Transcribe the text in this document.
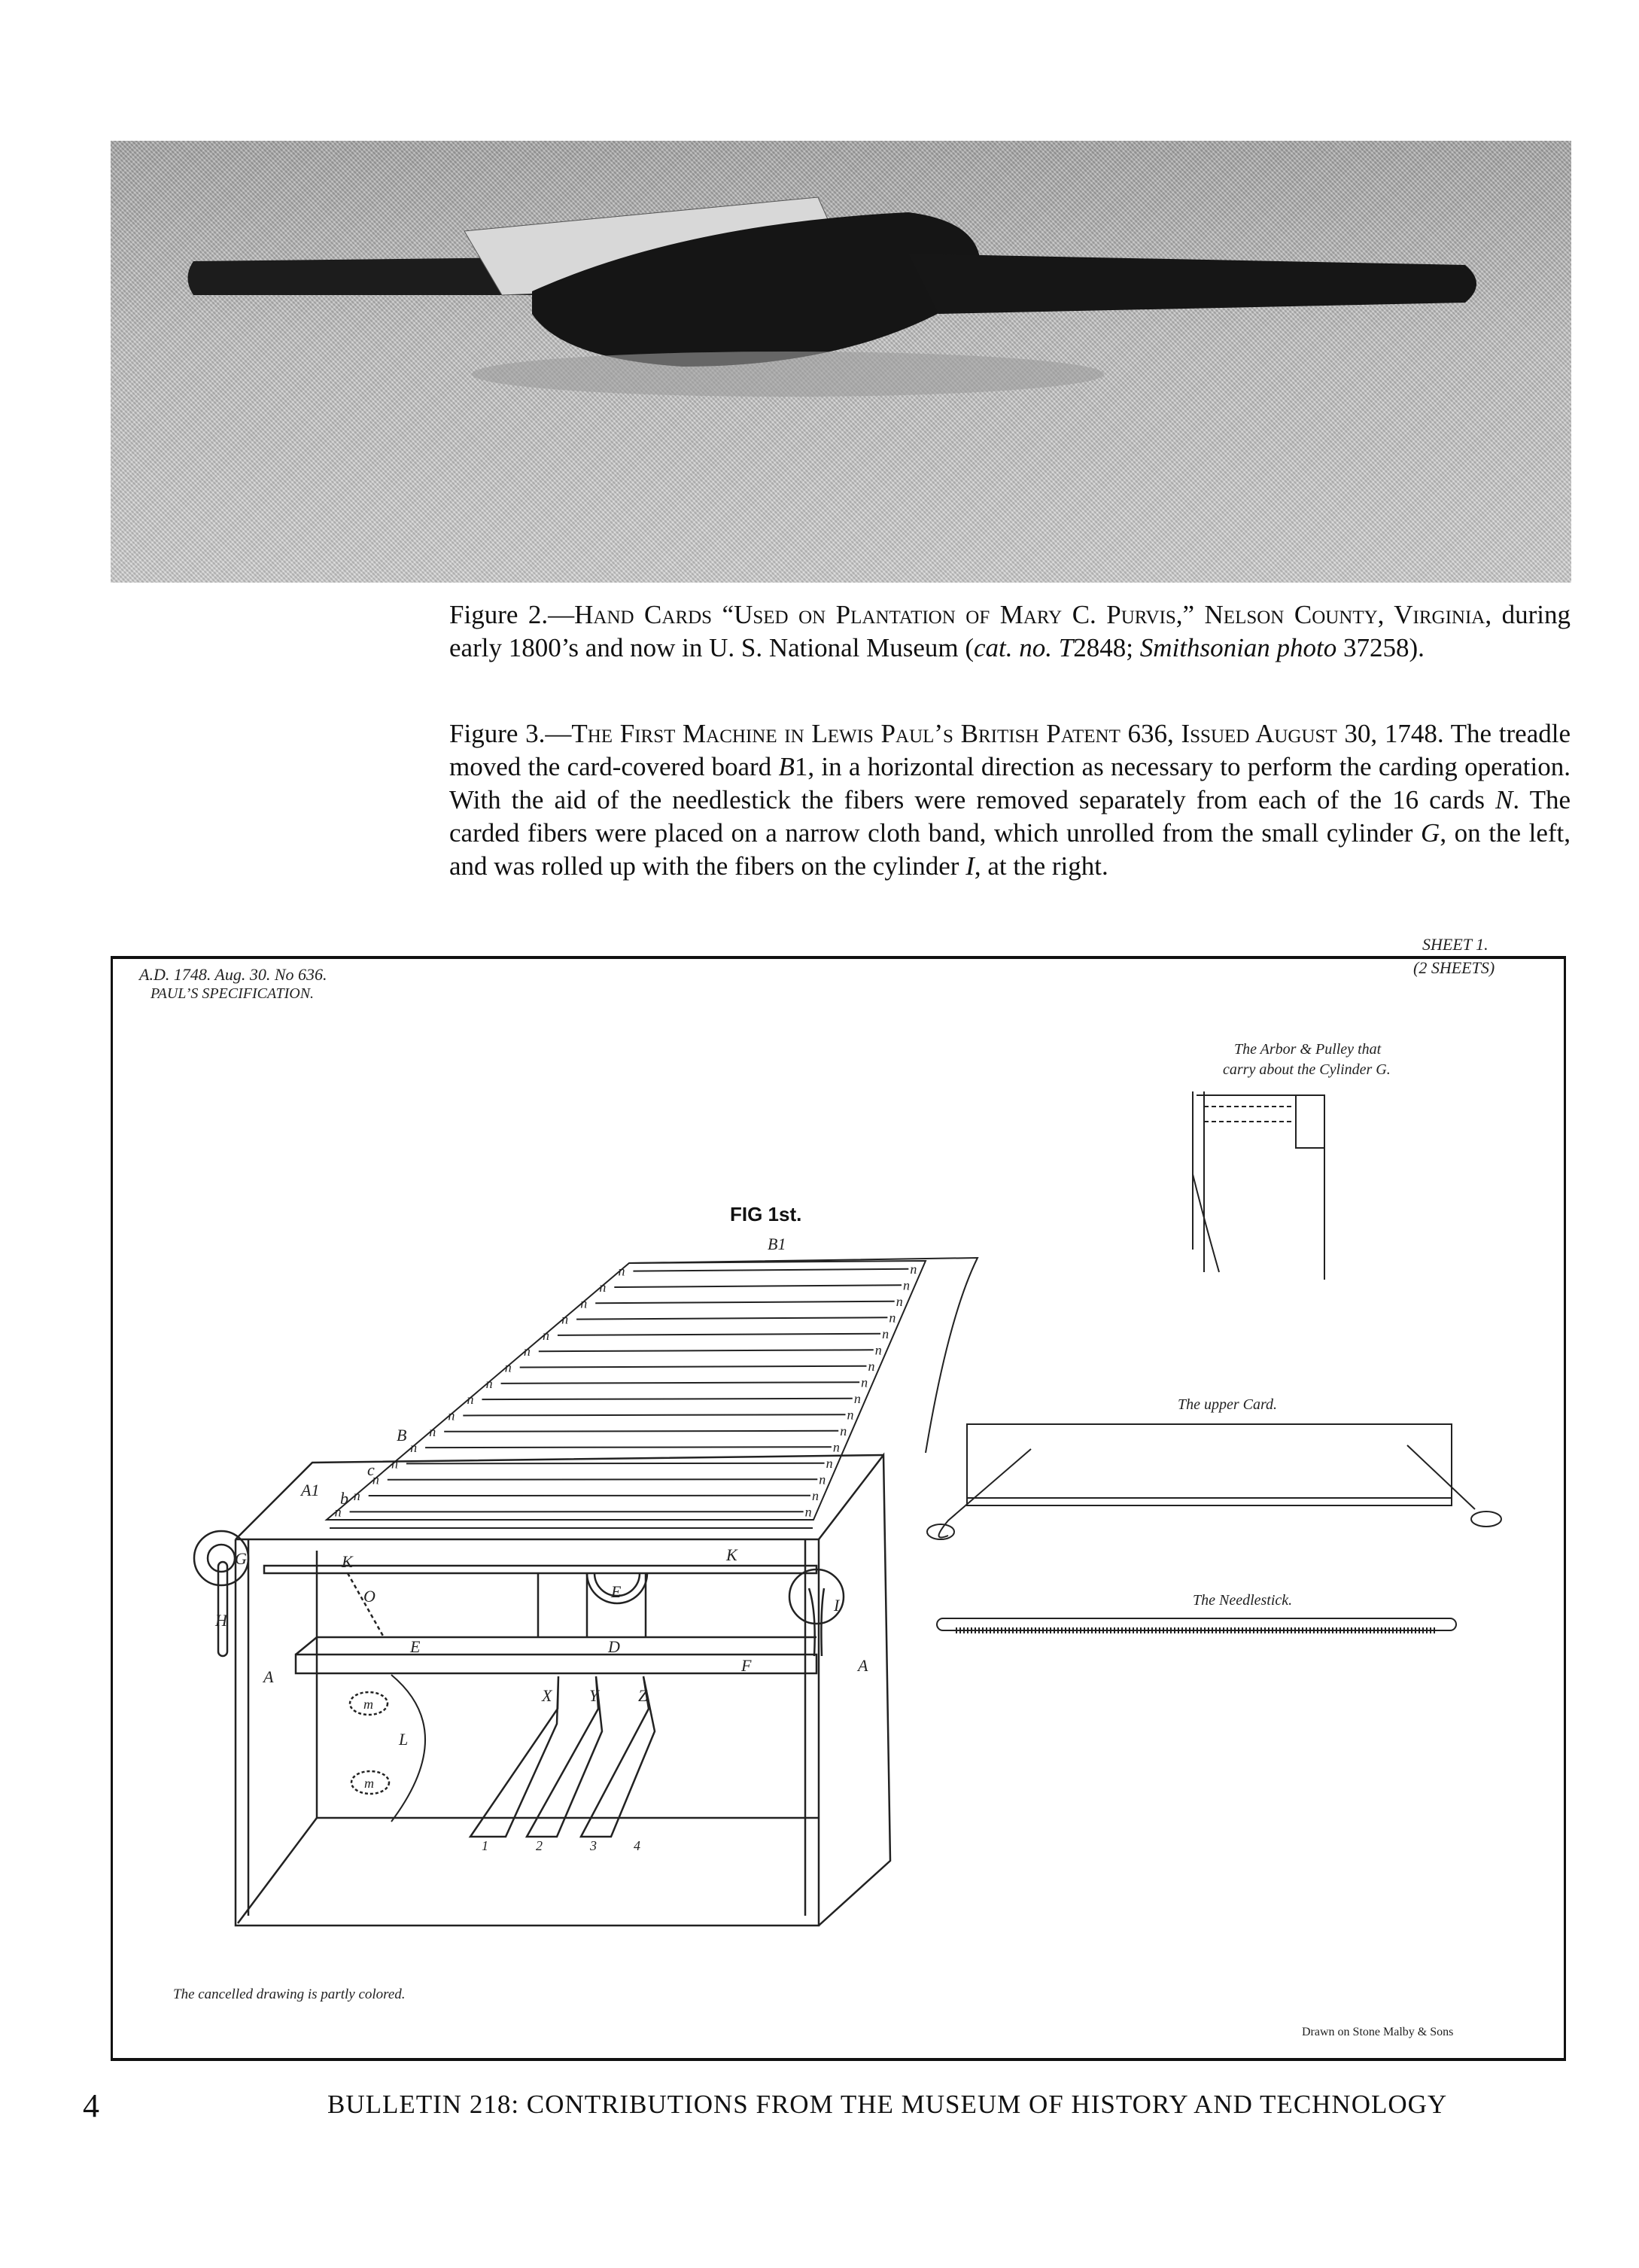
Figure 2.—Hand Cards “Used on Plantation of Mary C. Purvis,” Nelson County, Virginia, during early 1800’s and now in U. S. National Museum (cat. no. T2848; Smithsonian photo 37258).
Figure 3.—The First Machine in Lewis Paul’s British Patent 636, Issued August 30, 1748. The treadle moved the card-covered board B1, in a horizontal direction as necessary to perform the carding operation. With the aid of the needlestick the fibers were removed separately from each of the 16 cards N. The carded fibers were placed on a narrow cloth band, which unrolled from the small cylinder G, on the left, and was rolled up with the fibers on the cylinder I, at the right.
A.D. 1748. Aug. 30. No 636.
PAUL’S SPECIFICATION.
SHEET 1.
(2 SHEETS)
FIG 1st.
The Arbor & Pulley that
carry about the Cylinder G.
The upper Card.
The Needlestick.
B1
B
A1
c
b
G
H
K	K
O
E
E
D
F
A
A
I
L
m
m
X Y Z
1	2	3	4
The cancelled drawing is partly colored.
Drawn on Stone Malby & Sons
n	n
n	n
n	n
n	n
n	n
n	n
n	n
n	n
n	n
n	n
n	n
n	n
n	n
n	n
n	n
n	n
4	BULLETIN 218: CONTRIBUTIONS FROM THE MUSEUM OF HISTORY AND TECHNOLOGY
